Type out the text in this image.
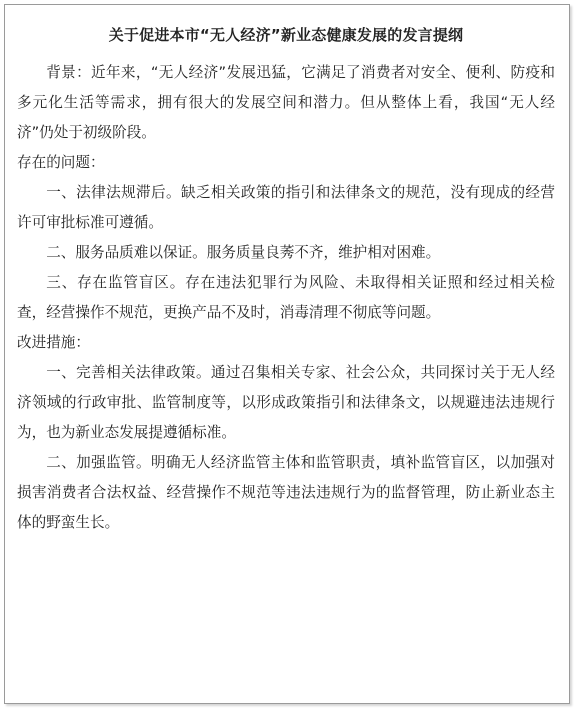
关于促进本市“无人经济”新业态健康发展的发言提纲

背景：近年来，“无人经济”发展迅猛，它满足了消费者对安全、便利、防疫和多元化生活等需求，拥有很大的发展空间和潜力。但从整体上看，我国“无人经济”仍处于初级阶段。

存在的问题：

一、法律法规滞后。缺乏相关政策的指引和法律条文的规范，没有现成的经营许可审批标准可遵循。

二、服务品质难以保证。服务质量良莠不齐，维护相对困难。

三、存在监管盲区。存在违法犯罪行为风险、未取得相关证照和经过相关检查，经营操作不规范，更换产品不及时，消毒清理不彻底等问题。

改进措施：

一、完善相关法律政策。通过召集相关专家、社会公众，共同探讨关于无人经济领域的行政审批、监管制度等，以形成政策指引和法律条文，以规避违法违规行为，也为新业态发展提遵循标准。

二、加强监管。明确无人经济监管主体和监管职责，填补监管盲区，以加强对损害消费者合法权益、经营操作不规范等违法违规行为的监督管理，防止新业态主体的野蛮生长。
